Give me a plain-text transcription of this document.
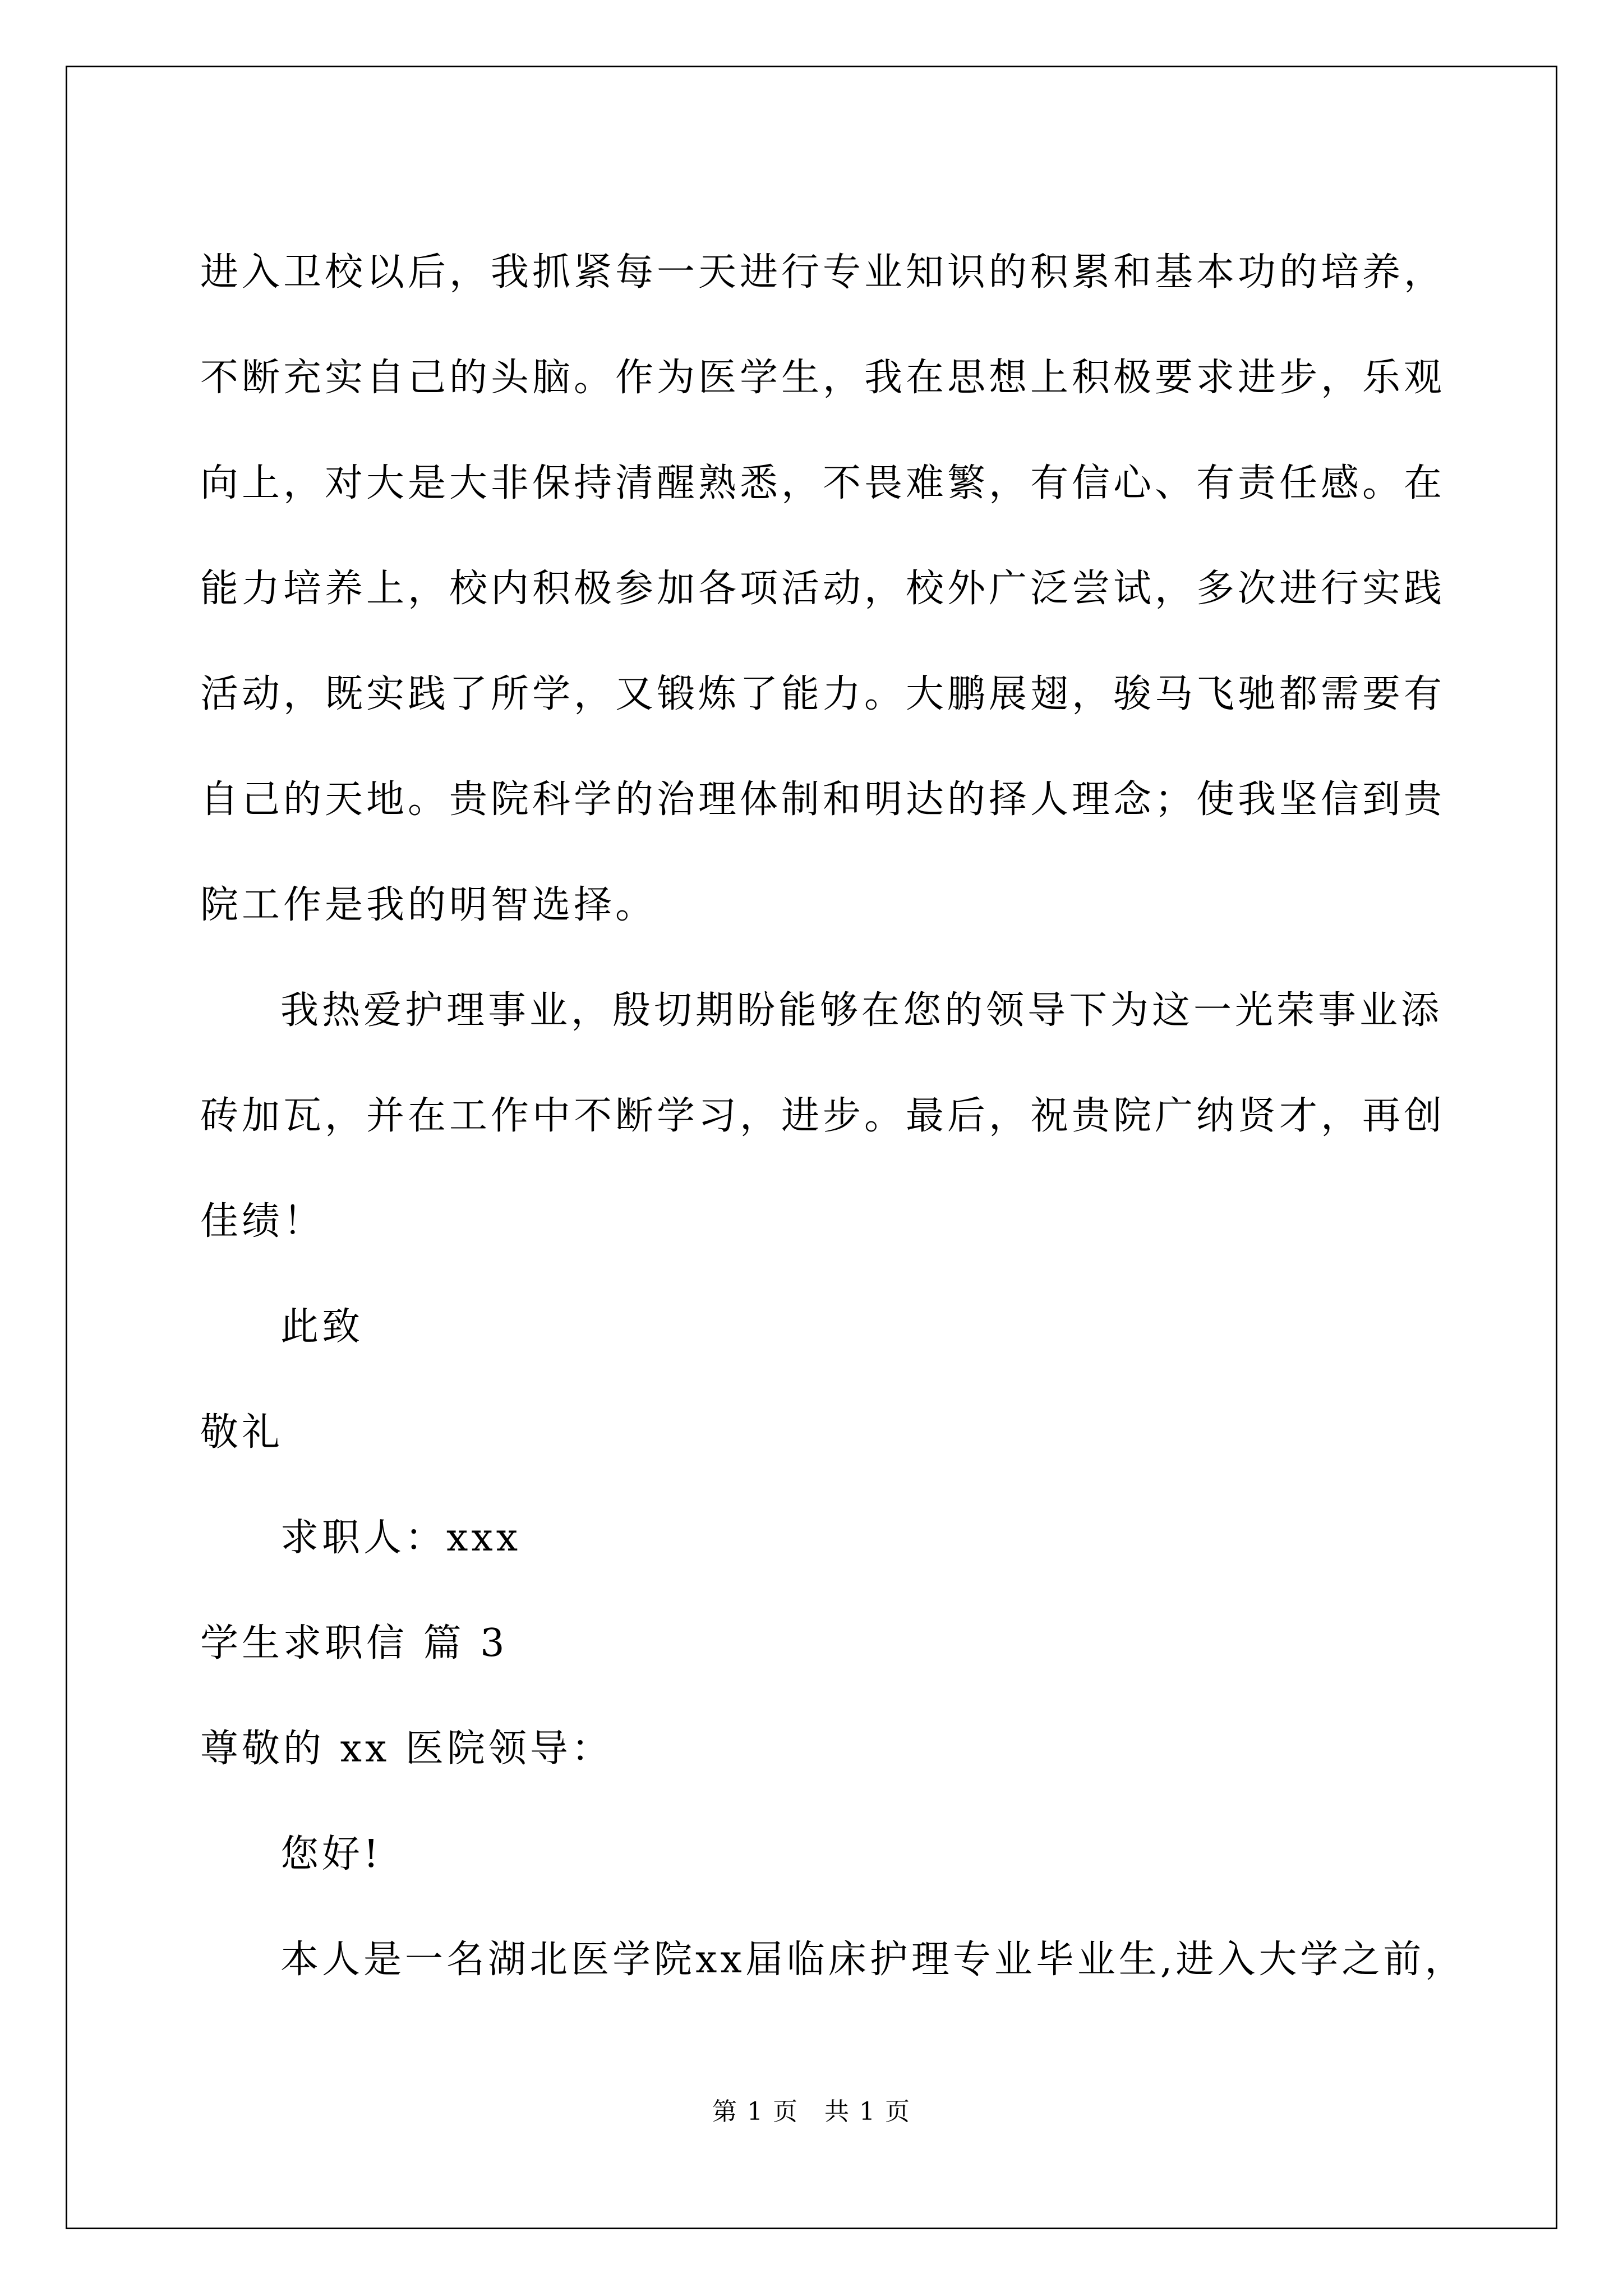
进入卫校以后，我抓紧每一天进行专业知识的积累和基本功的培养，
不断充实自己的头脑。作为医学生，我在思想上积极要求进步，乐观
向上，对大是大非保持清醒熟悉，不畏难繁，有信心、有责任感。在
能力培养上，校内积极参加各项活动，校外广泛尝试，多次进行实践
活动，既实践了所学，又锻炼了能力。大鹏展翅，骏马飞驰都需要有
自己的天地。贵院科学的治理体制和明达的择人理念；使我坚信到贵
院工作是我的明智选择。
我热爱护理事业，殷切期盼能够在您的领导下为这一光荣事业添
砖加瓦，并在工作中不断学习，进步。最后，祝贵院广纳贤才，再创
佳绩！
此致
敬礼
求职人：xxx
学生求职信 篇 3
尊敬的 xx 医院领导：
您好!
本人是一名湖北医学院xx届临床护理专业毕业生,进入大学之前，
第 1 页　共 1 页
